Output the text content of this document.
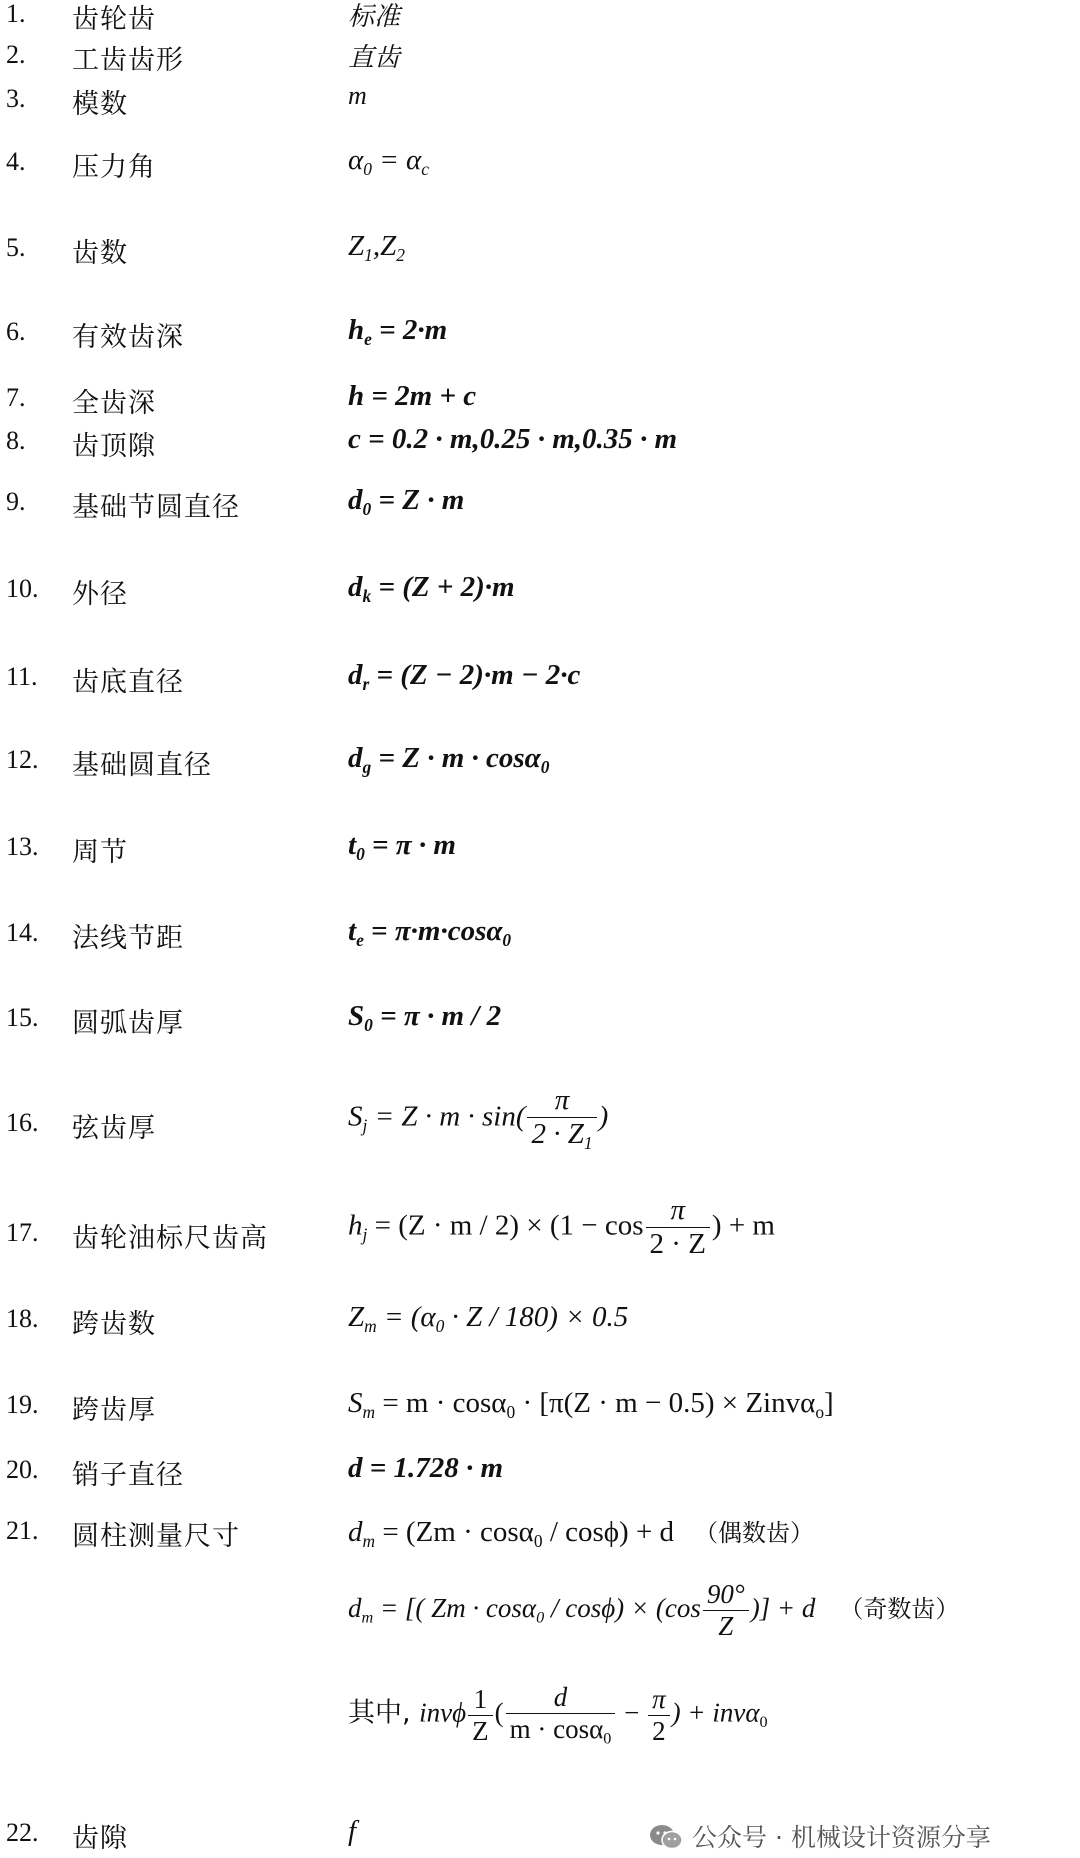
1. 齿轮齿	标准
2. 工齿齿形	直齿
3. 模数	m
4. 压力角	$\alpha_0 = \alpha_c$
5. 齿数	$Z_1,Z_2$
6. 有效齿深	$h_e = 2\cdot m$
7. 全齿深	h = 2m + c
8. 齿顶隙	c = 0.2 · m,0.25 · m,0.35 · m
9. 基础节圆直径	$d_0 = Z \cdot m$
10. 外径	$d_k = (Z + 2)\cdot m$
11. 齿底直径	$d_r = (Z - 2)\cdot m - 2\cdot c$
12. 基础圆直径	$d_g = Z \cdot m \cdot \cos\alpha_0$
13. 周节	$t_0 = \pi \cdot m$
14. 法线节距	$t_e = \pi\cdot m\cdot\cos\alpha_0$
15. 圆弧齿厚	$S_0 = \pi \cdot m / 2$
16. 弦齿厚	$S_j = Z \cdot m \cdot \sin( \frac{\pi}{2 \cdot Z_1}$ )
17. 齿轮油标尺齿高	$h_j = (Z \cdot m / 2) \times (1 - \cos \frac{\pi}{2 \cdot Z}$ ) + m
18. 跨齿数	$Z_m = (\alpha_0 \cdot Z / 180) \times 0.5$
19. 跨齿厚	$S_m = m \cdot \cos\alpha_0 \cdot [\pi(Z \cdot m - 0.5)$ × Zinvα$_o$]
20. 销子直径	d = 1.728 · m
21. 圆柱测量尺寸	$d_m = (Zm \cdot \cos\alpha_0 / \cos\phi) + d$ （偶数齿）
$d_m$ = [( $Zm \cdot \cos\alpha_0 / \cos\phi) \times (\cos \frac{90^\circ}{Z}$ )] + d （奇数齿）
其中, invϕ $\frac{1}{Z}$ ( $\frac{d}{m \cdot \cos\alpha_0} - \frac{\pi}{2}$ ) + invα$_0$
22. 齿隙	f	公众号 · 机械设计资源分享
